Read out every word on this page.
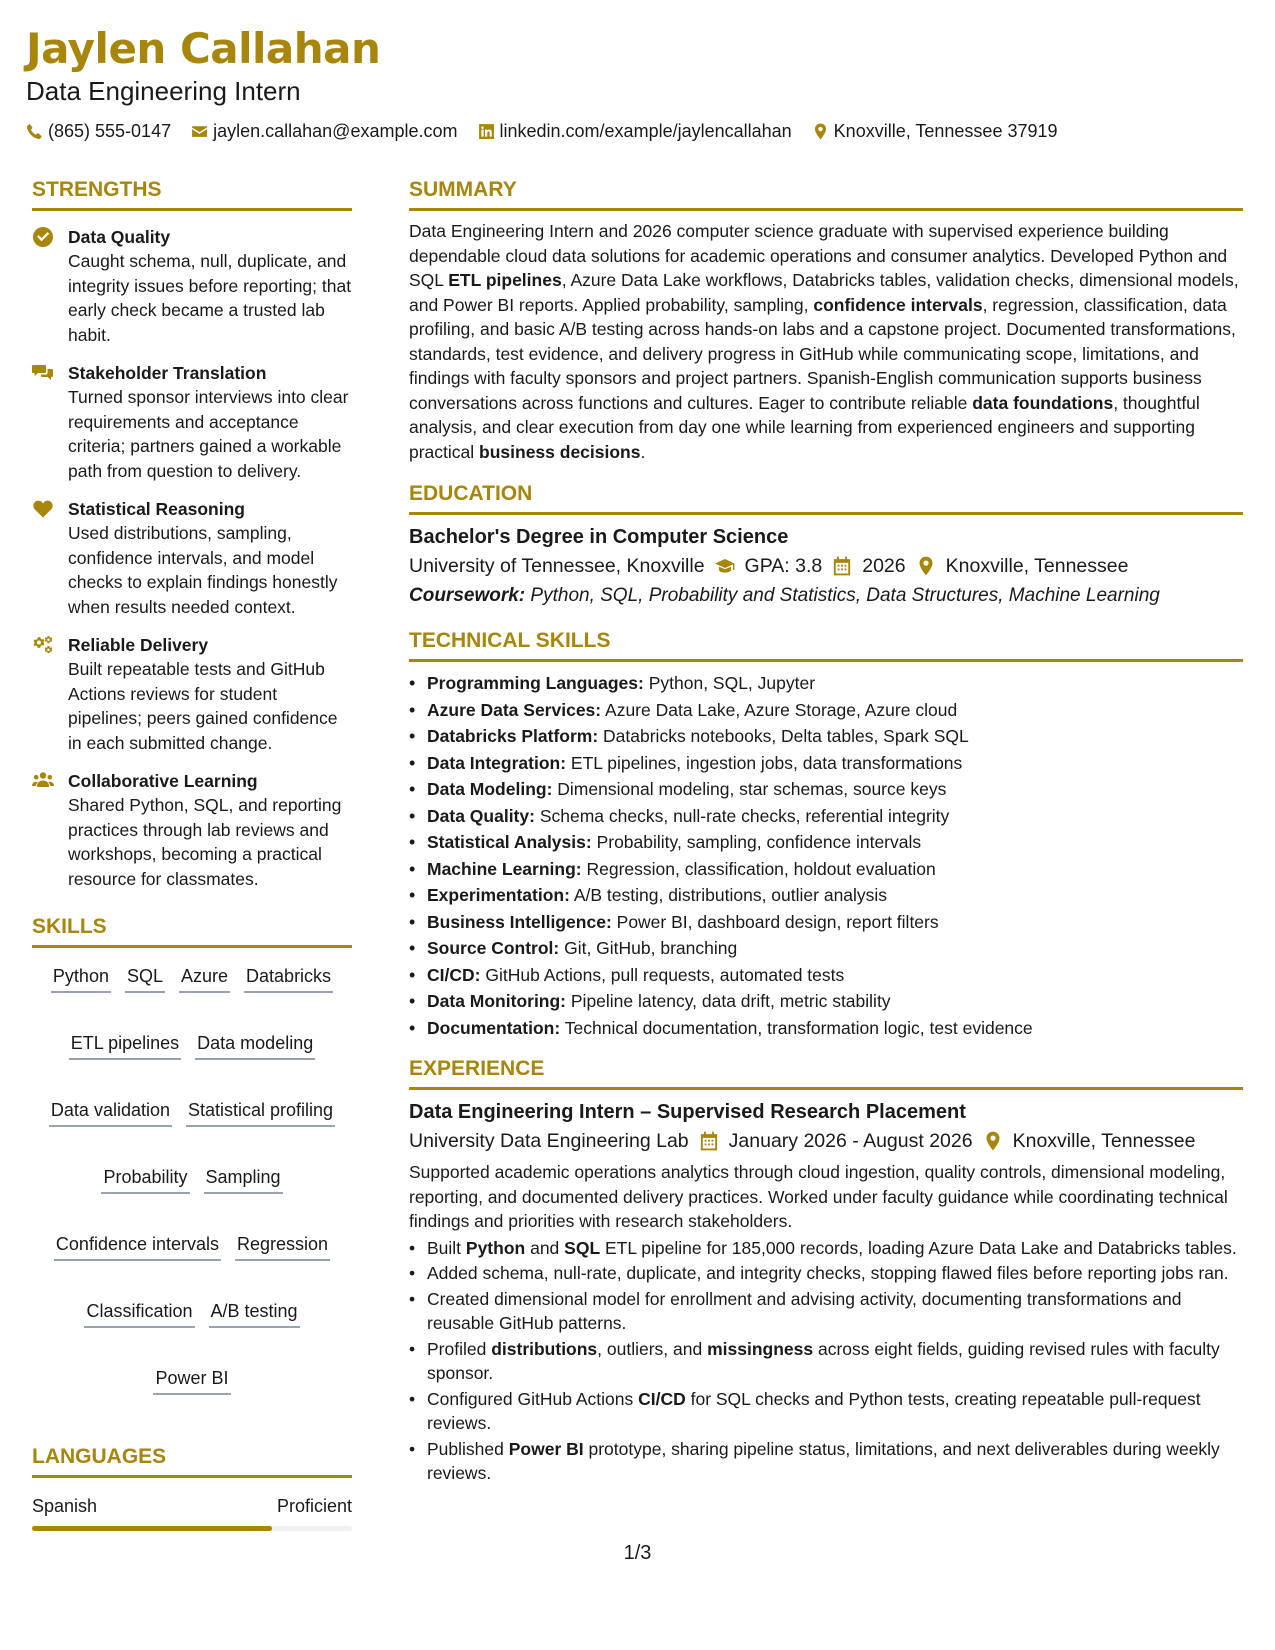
Jaylen Callahan
Data Engineering Intern
(865) 555-0147 jaylen.callahan@example.com linkedin.com/example/jaylencallahan Knoxville, Tennessee 37919
STRENGTHS
Data Quality
Caught schema, null, duplicate, and integrity issues before reporting; that early check became a trusted lab habit.
Stakeholder Translation
Turned sponsor interviews into clear requirements and acceptance criteria; partners gained a workable path from question to delivery.
Statistical Reasoning
Used distributions, sampling, confidence intervals, and model checks to explain findings honestly when results needed context.
Reliable Delivery
Built repeatable tests and GitHub Actions reviews for student pipelines; peers gained confidence in each submitted change.
Collaborative Learning
Shared Python, SQL, and reporting practices through lab reviews and workshops, becoming a practical resource for classmates.
SKILLS
Python SQL Azure Databricks
ETL pipelines Data modeling
Data validation Statistical profiling
Probability Sampling
Confidence intervals Regression
Classification A/B testing
Power BI
LANGUAGES
Spanish	Proficient
SUMMARY

Data Engineering Intern and 2026 computer science graduate with supervised experience building dependable cloud data solutions for academic operations and consumer analytics. Developed Python and SQL ETL pipelines, Azure Data Lake workflows, Databricks tables, validation checks, dimensional models, and Power BI reports. Applied probability, sampling, confidence intervals, regression, classification, data profiling, and basic A/B testing across hands-on labs and a capstone project. Documented transformations, standards, test evidence, and delivery progress in GitHub while communicating scope, limitations, and findings with faculty sponsors and project partners. Spanish-English communication supports business conversations across functions and cultures. Eager to contribute reliable data foundations, thoughtful analysis, and clear execution from day one while learning from experienced engineers and supporting practical business decisions.

EDUCATION
Bachelor's Degree in Computer Science
University of Tennessee, Knoxville GPA: 3.8 2026 Knoxville, Tennessee
Coursework: Python, SQL, Probability and Statistics, Data Structures, Machine Learning
TECHNICAL SKILLS
• Programming Languages: Python, SQL, Jupyter
• Azure Data Services: Azure Data Lake, Azure Storage, Azure cloud
• Databricks Platform: Databricks notebooks, Delta tables, Spark SQL
• Data Integration: ETL pipelines, ingestion jobs, data transformations
• Data Modeling: Dimensional modeling, star schemas, source keys
• Data Quality: Schema checks, null-rate checks, referential integrity
• Statistical Analysis: Probability, sampling, confidence intervals
• Machine Learning: Regression, classification, holdout evaluation
• Experimentation: A/B testing, distributions, outlier analysis
• Business Intelligence: Power BI, dashboard design, report filters
• Source Control: Git, GitHub, branching
• CI/CD: GitHub Actions, pull requests, automated tests
• Data Monitoring: Pipeline latency, data drift, metric stability
• Documentation: Technical documentation, transformation logic, test evidence
EXPERIENCE
Data Engineering Intern – Supervised Research Placement
University Data Engineering Lab January 2026 - August 2026 Knoxville, Tennessee

Supported academic operations analytics through cloud ingestion, quality controls, dimensional modeling, reporting, and documented delivery practices. Worked under faculty guidance while coordinating technical findings and priorities with research stakeholders.

• Built Python and SQL ETL pipeline for 185,000 records, loading Azure Data Lake and Databricks tables.
• Added schema, null-rate, duplicate, and integrity checks, stopping flawed files before reporting jobs ran.
• Created dimensional model for enrollment and advising activity, documenting transformations and reusable GitHub patterns.
• Profiled distributions, outliers, and missingness across eight fields, guiding revised rules with faculty sponsor.
• Configured GitHub Actions CI/CD for SQL checks and Python tests, creating repeatable pull-request reviews.
• Published Power BI prototype, sharing pipeline status, limitations, and next deliverables during weekly reviews.
1/3
